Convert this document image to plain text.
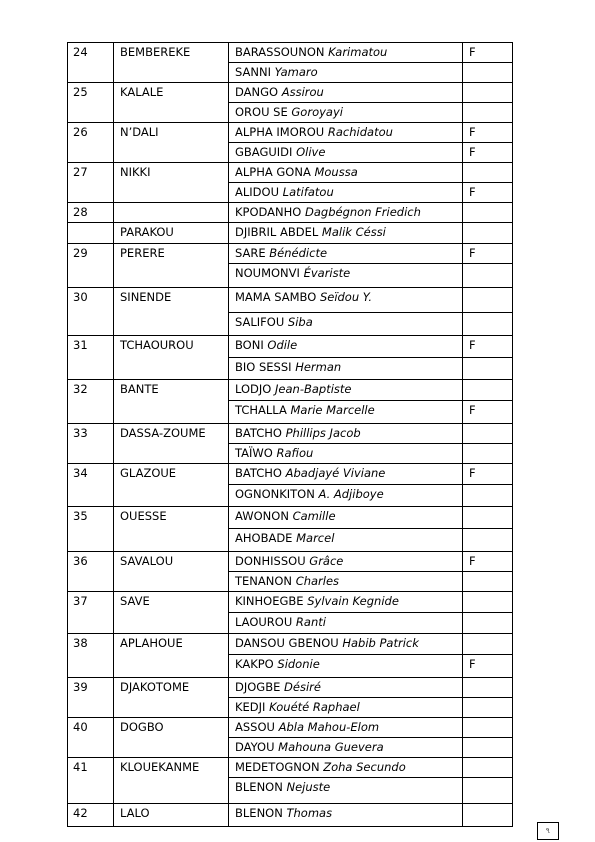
24	BEMBEREKE	BARASSOUNON Karimatou	F
		SANNI Yamaro	
25	KALALE	DANGO Assirou	
		OROU SE Goroyayi	
26	N’DALI	ALPHA IMOROU Rachidatou	F
		GBAGUIDI Olive	F
27	NIKKI	ALPHA GONA Moussa	
		ALIDOU Latifatou	F
28		KPODANHO Dagbégnon Friedich	
	PARAKOU	DJIBRIL ABDEL Malik Céssi	
29	PERERE	SARE Bénédicte	F
		NOUMONVI Évariste	
30	SINENDE	MAMA SAMBO Seïdou Y.	
		SALIFOU Siba	
31	TCHAOUROU	BONI Odile	F
		BIO SESSI Herman	
32	BANTE	LODJO Jean-Baptiste	
		TCHALLA Marie Marcelle	F
33	DASSA-ZOUME	BATCHO Phillips Jacob	
		TAÏWO Rafiou	
34	GLAZOUE	BATCHO Abadjayé Viviane	F
		OGNONKITON A. Adjiboye	
35	OUESSE	AWONON Camille	
		AHOBADE Marcel	
36	SAVALOU	DONHISSOU Grâce	F
		TENANON Charles	
37	SAVE	KINHOEGBE Sylvain Kegnide	
		LAOUROU Ranti	
38	APLAHOUE	DANSOU GBENOU Habib Patrick	
		KAKPO Sidonie	F
39	DJAKOTOME	DJOGBE Désiré	
		KEDJI Kouété Raphael	
40	DOGBO	ASSOU Abla Mahou-Elom	
		DAYOU Mahouna Guevera	
41	KLOUEKANME	MEDETOGNON Zoha Secundo	
		BLENON Nejuste	
42	LALO	BLENON Thomas	
৭
